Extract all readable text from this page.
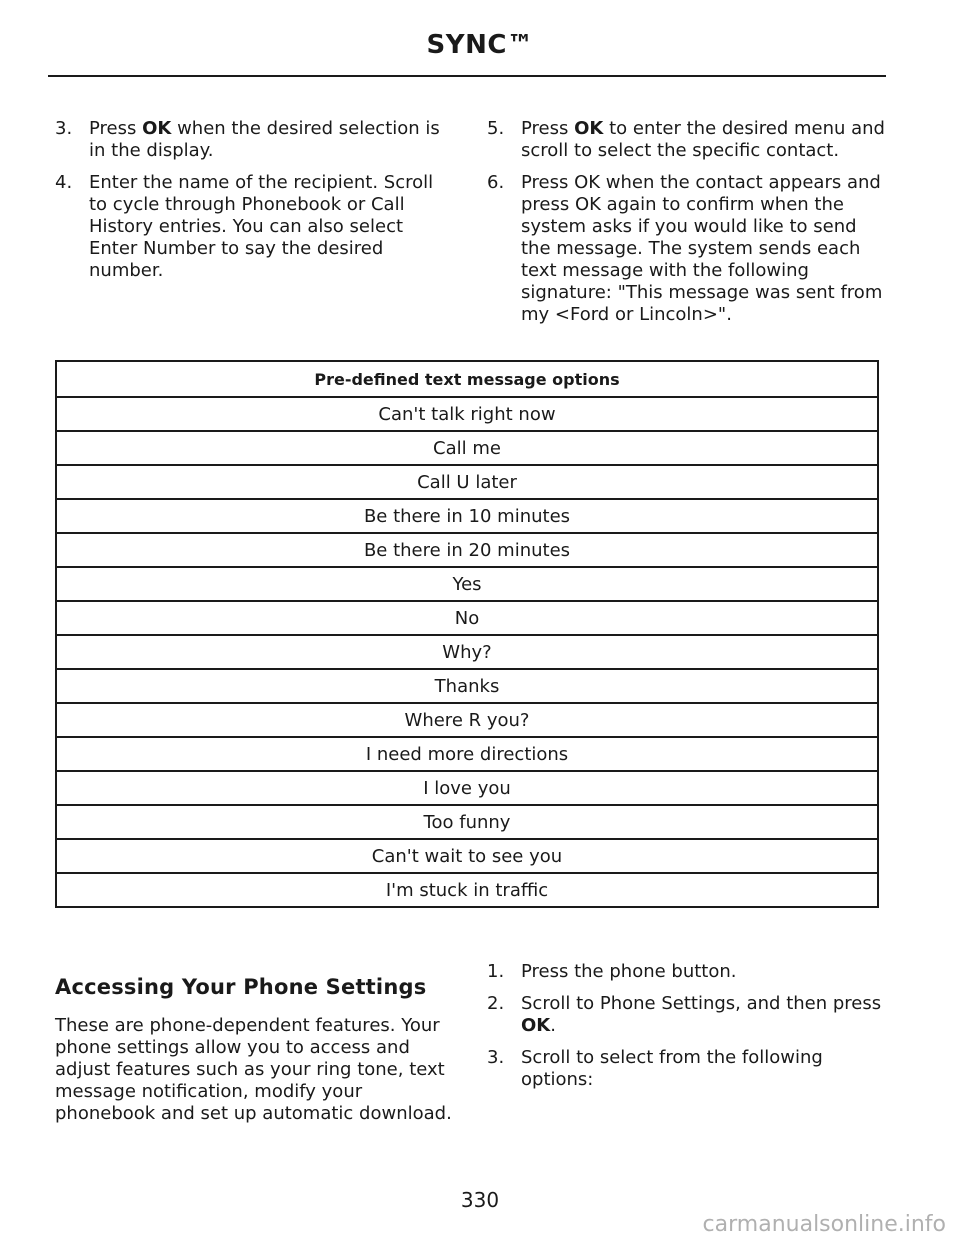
SYNC™
3. Press OK when the desired selection is in the display.
4. Enter the name of the recipient. Scroll to cycle through Phonebook or Call History entries. You can also select Enter Number to say the desired number.
5. Press OK to enter the desired menu and scroll to select the specific contact.
6. Press OK when the contact appears and press OK again to confirm when the system asks if you would like to send the message. The system sends each text message with the following signature: "This message was sent from my <Ford or Lincoln>".
Pre-defined text message options
Can't talk right now
Call me
Call U later
Be there in 10 minutes
Be there in 20 minutes
Yes
No
Why?
Thanks
Where R you?
I need more directions
I love you
Too funny
Can't wait to see you
I'm stuck in traffic
Accessing Your Phone Settings
These are phone-dependent features. Your phone settings allow you to access and adjust features such as your ring tone, text message notification, modify your phonebook and set up automatic download.
1. Press the phone button.
2. Scroll to Phone Settings, and then press OK.
3. Scroll to select from the following options:
330
carmanualsonline.info
